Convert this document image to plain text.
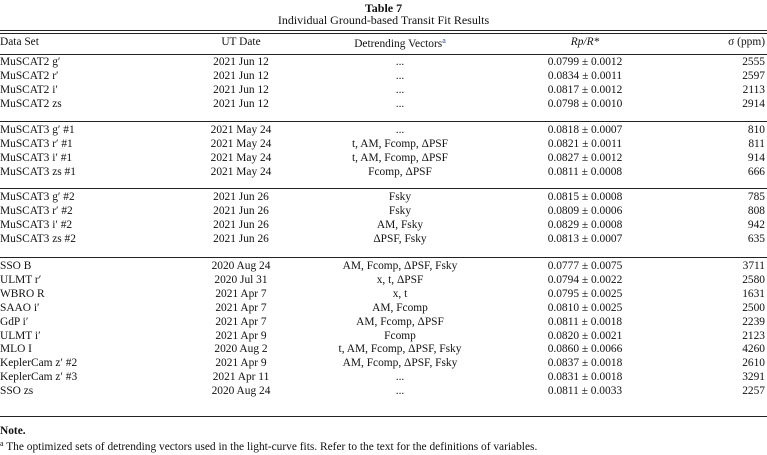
Table 7
Individual Ground-based Transit Fit Results
Data Set	UT Date	Detrending Vectors$^a$	Rp/R*	σ (ppm)
MuSCAT2 g′	2021 Jun 12	...	0.0799 ± 0.0012	2555
MuSCAT2 r′	2021 Jun 12	...	0.0834 ± 0.0011	2597
MuSCAT2 i′	2021 Jun 12	...	0.0817 ± 0.0012	2113
MuSCAT2 zs	2021 Jun 12	...	0.0798 ± 0.0010	2914
MuSCAT3 g′ #1	2021 May 24	...	0.0818 ± 0.0007	810
MuSCAT3 r′ #1	2021 May 24	t, AM, Fcomp, ΔPSF	0.0821 ± 0.0011	811
MuSCAT3 i′ #1	2021 May 24	t, AM, Fcomp, ΔPSF	0.0827 ± 0.0012	914
MuSCAT3 zs #1	2021 May 24	Fcomp, ΔPSF	0.0811 ± 0.0008	666
MuSCAT3 g′ #2	2021 Jun 26	Fsky	0.0815 ± 0.0008	785
MuSCAT3 r′ #2	2021 Jun 26	Fsky	0.0809 ± 0.0006	808
MuSCAT3 i′ #2	2021 Jun 26	AM, Fsky	0.0829 ± 0.0008	942
MuSCAT3 zs #2	2021 Jun 26	ΔPSF, Fsky	0.0813 ± 0.0007	635
SSO B	2020 Aug 24	AM, Fcomp, ΔPSF, Fsky	0.0777 ± 0.0075	3711
ULMT r′	2020 Jul 31	x, t, ΔPSF	0.0794 ± 0.0022	2580
WBRO R	2021 Apr 7	x, t	0.0795 ± 0.0025	1631
SAAO i′	2021 Apr 7	AM, Fcomp	0.0810 ± 0.0025	2500
GdP i′	2021 Apr 7	AM, Fcomp, ΔPSF	0.0811 ± 0.0018	2239
ULMT i′	2021 Apr 9	Fcomp	0.0820 ± 0.0021	2123
MLO I	2020 Aug 2	t, AM, Fcomp, ΔPSF, Fsky	0.0860 ± 0.0066	4260
KeplerCam z′ #2	2021 Apr 9	AM, Fcomp, ΔPSF, Fsky	0.0837 ± 0.0018	2610
KeplerCam z′ #3	2021 Apr 11	...	0.0831 ± 0.0018	3291
SSO zs	2020 Aug 24	...	0.0811 ± 0.0033	2257
Note.
$^a$ The optimized sets of detrending vectors used in the light-curve fits. Refer to the text for the definitions of variables.
